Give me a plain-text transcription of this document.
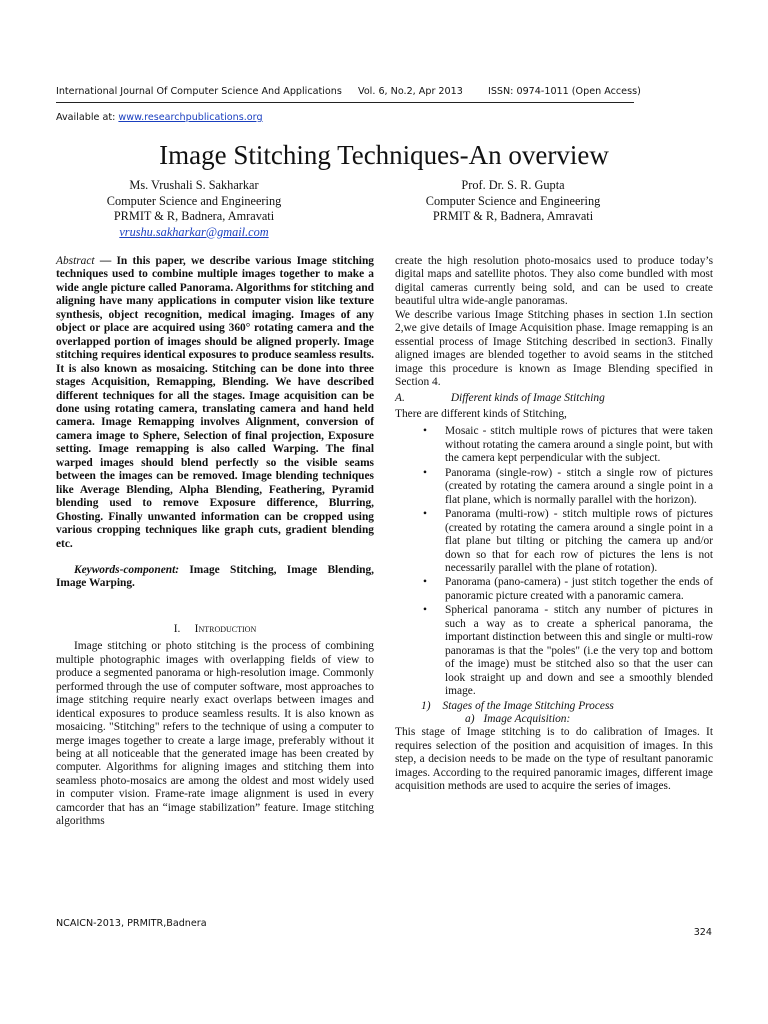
International Journal Of Computer Science And Applications Vol. 6, No.2, Apr 2013	ISSN: 0974-1011 (Open Access)
Available at: www.researchpublications.org
Image Stitching Techniques-An overview
Ms. Vrushali S. Sakharkar
Computer Science and Engineering
PRMIT & R, Badnera, Amravati
vrushu.sakharkar@gmail.com
Prof. Dr. S. R. Gupta
Computer Science and Engineering
PRMIT & R, Badnera, Amravati

Abstract — In this paper, we describe various Image stitching techniques used to combine multiple images together to make a wide angle picture called Panorama. Algorithms for stitching and aligning have many applications in computer vision like texture synthesis, object recognition, medical imaging. Images of any object or place are acquired using 360° rotating camera and the overlapped portion of images should be aligned properly. Image stitching requires identical exposures to produce seamless results. It is also known as mosaicing. Stitching can be done into three stages Acquisition, Remapping, Blending. We have described different techniques for all the stages. Image acquisition can be done using rotating camera, translating camera and hand held camera. Image Remapping involves Alignment, conversion of camera image to Sphere, Selection of final projection, Exposure setting. Image remapping is also called Warping. The final warped images should blend perfectly so the visible seams between the images can be removed. Image blending techniques like Average Blending, Alpha Blending, Feathering, Pyramid blending used to remove Exposure difference, Blurring, Ghosting. Finally unwanted information can be cropped using various cropping techniques like graph cuts, gradient blending etc.

Keywords-component: Image Stitching, Image Blending, Image Warping.

I. Introduction

Image stitching or photo stitching is the process of combining multiple photographic images with overlapping fields of view to produce a segmented panorama or high-resolution image. Commonly performed through the use of computer software, most approaches to image stitching require nearly exact overlaps between images and identical exposures to produce seamless results. It is also known as mosaicing. "Stitching" refers to the technique of using a computer to merge images together to create a large image, preferably without it being at all noticeable that the generated image has been created by computer. Algorithms for aligning images and stitching them into seamless photo-mosaics are among the oldest and most widely used in computer vision. Frame-rate image alignment is used in every camcorder that has an “image stabilization” feature. Image stitching algorithms

create the high resolution photo-mosaics used to produce today’s digital maps and satellite photos. They also come bundled with most digital cameras currently being sold, and can be used to create beautiful ultra wide-angle panoramas.

We describe various Image Stitching phases in section 1.In section 2,we give details of Image Acquisition phase. Image remapping is an essential process of Image Stitching described in section3. Finally aligned images are blended together to avoid seams in the stitched image this procedure is known as Image Blending specified in Section 4.

A.	Different kinds of Image Stitching

There are different kinds of Stitching,

• Mosaic - stitch multiple rows of pictures that were taken without rotating the camera around a single point, but with the camera kept perpendicular with the subject.
• Panorama (single-row) - stitch a single row of pictures (created by rotating the camera around a single point in a flat plane, which is normally parallel with the horizon).
• Panorama (multi-row) - stitch multiple rows of pictures (created by rotating the camera around a single point in a flat plane but tilting or pitching the camera up and/or down so that for each row of pictures the lens is not necessarily parallel with the plane of rotation).
• Panorama (pano-camera) - just stitch together the ends of panoramic picture created with a panoramic camera.
• Spherical panorama - stitch any number of pictures in such a way as to create a spherical panorama, the important distinction between this and single or multi-row panoramas is that the "poles" (i.e the very top and bottom of the image) must be stitched also so that the user can look straight up and down and see a smoothly blended image.

1) Stages of the Image Stitching Process

a) Image Acquisition:

This stage of Image stitching is to do calibration of Images. It requires selection of the position and acquisition of images. In this step, a decision needs to be made on the type of resultant panoramic images. According to the required panoramic images, different image acquisition methods are used to acquire the series of images.

NCAICN-2013, PRMITR,Badnera
324
